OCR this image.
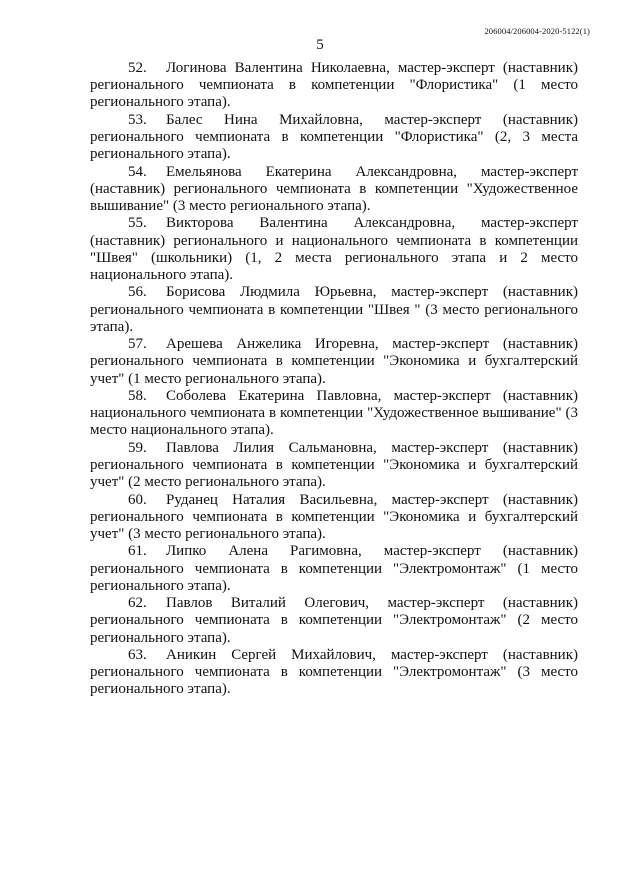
206004/206004-2020-5122(1)
5

52. Логинова Валентина Николаевна, мастер-эксперт (наставник) регионального чемпионата в компетенции "Флористика" (1 место регионального этапа).

53. Балес Нина Михайловна, мастер-эксперт (наставник) регионального чемпионата в компетенции "Флористика" (2, 3 места регионального этапа).

54. Емельянова Екатерина Александровна, мастер-эксперт (наставник) регионального чемпионата в компетенции "Художественное вышивание" (3 место регионального этапа).

55. Викторова Валентина Александровна, мастер-эксперт (наставник) регионального и национального чемпионата в компетенции "Швея" (школьники) (1, 2 места регионального этапа и 2 место национального этапа).

56. Борисова Людмила Юрьевна, мастер-эксперт (наставник) регионального чемпионата в компетенции "Швея " (3 место регионального этапа).

57. Арешева Анжелика Игоревна, мастер-эксперт (наставник) регионального чемпионата в компетенции "Экономика и бухгалтерский учет" (1 место регионального этапа).

58. Соболева Екатерина Павловна, мастер-эксперт (наставник) национального чемпионата в компетенции "Художественное вышивание" (3 место национального этапа).

59. Павлова Лилия Сальмановна, мастер-эксперт (наставник) регионального чемпионата в компетенции "Экономика и бухгалтерский учет" (2 место регионального этапа).

60. Руданец Наталия Васильевна, мастер-эксперт (наставник) регионального чемпионата в компетенции "Экономика и бухгалтерский учет" (3 место регионального этапа).

61. Липко Алена Рагимовна, мастер-эксперт (наставник) регионального чемпионата в компетенции "Электромонтаж" (1 место регионального этапа).

62. Павлов Виталий Олегович, мастер-эксперт (наставник) регионального чемпионата в компетенции "Электромонтаж" (2 место регионального этапа).

63. Аникин Сергей Михайлович, мастер-эксперт (наставник) регионального чемпионата в компетенции "Электромонтаж" (3 место регионального этапа).
